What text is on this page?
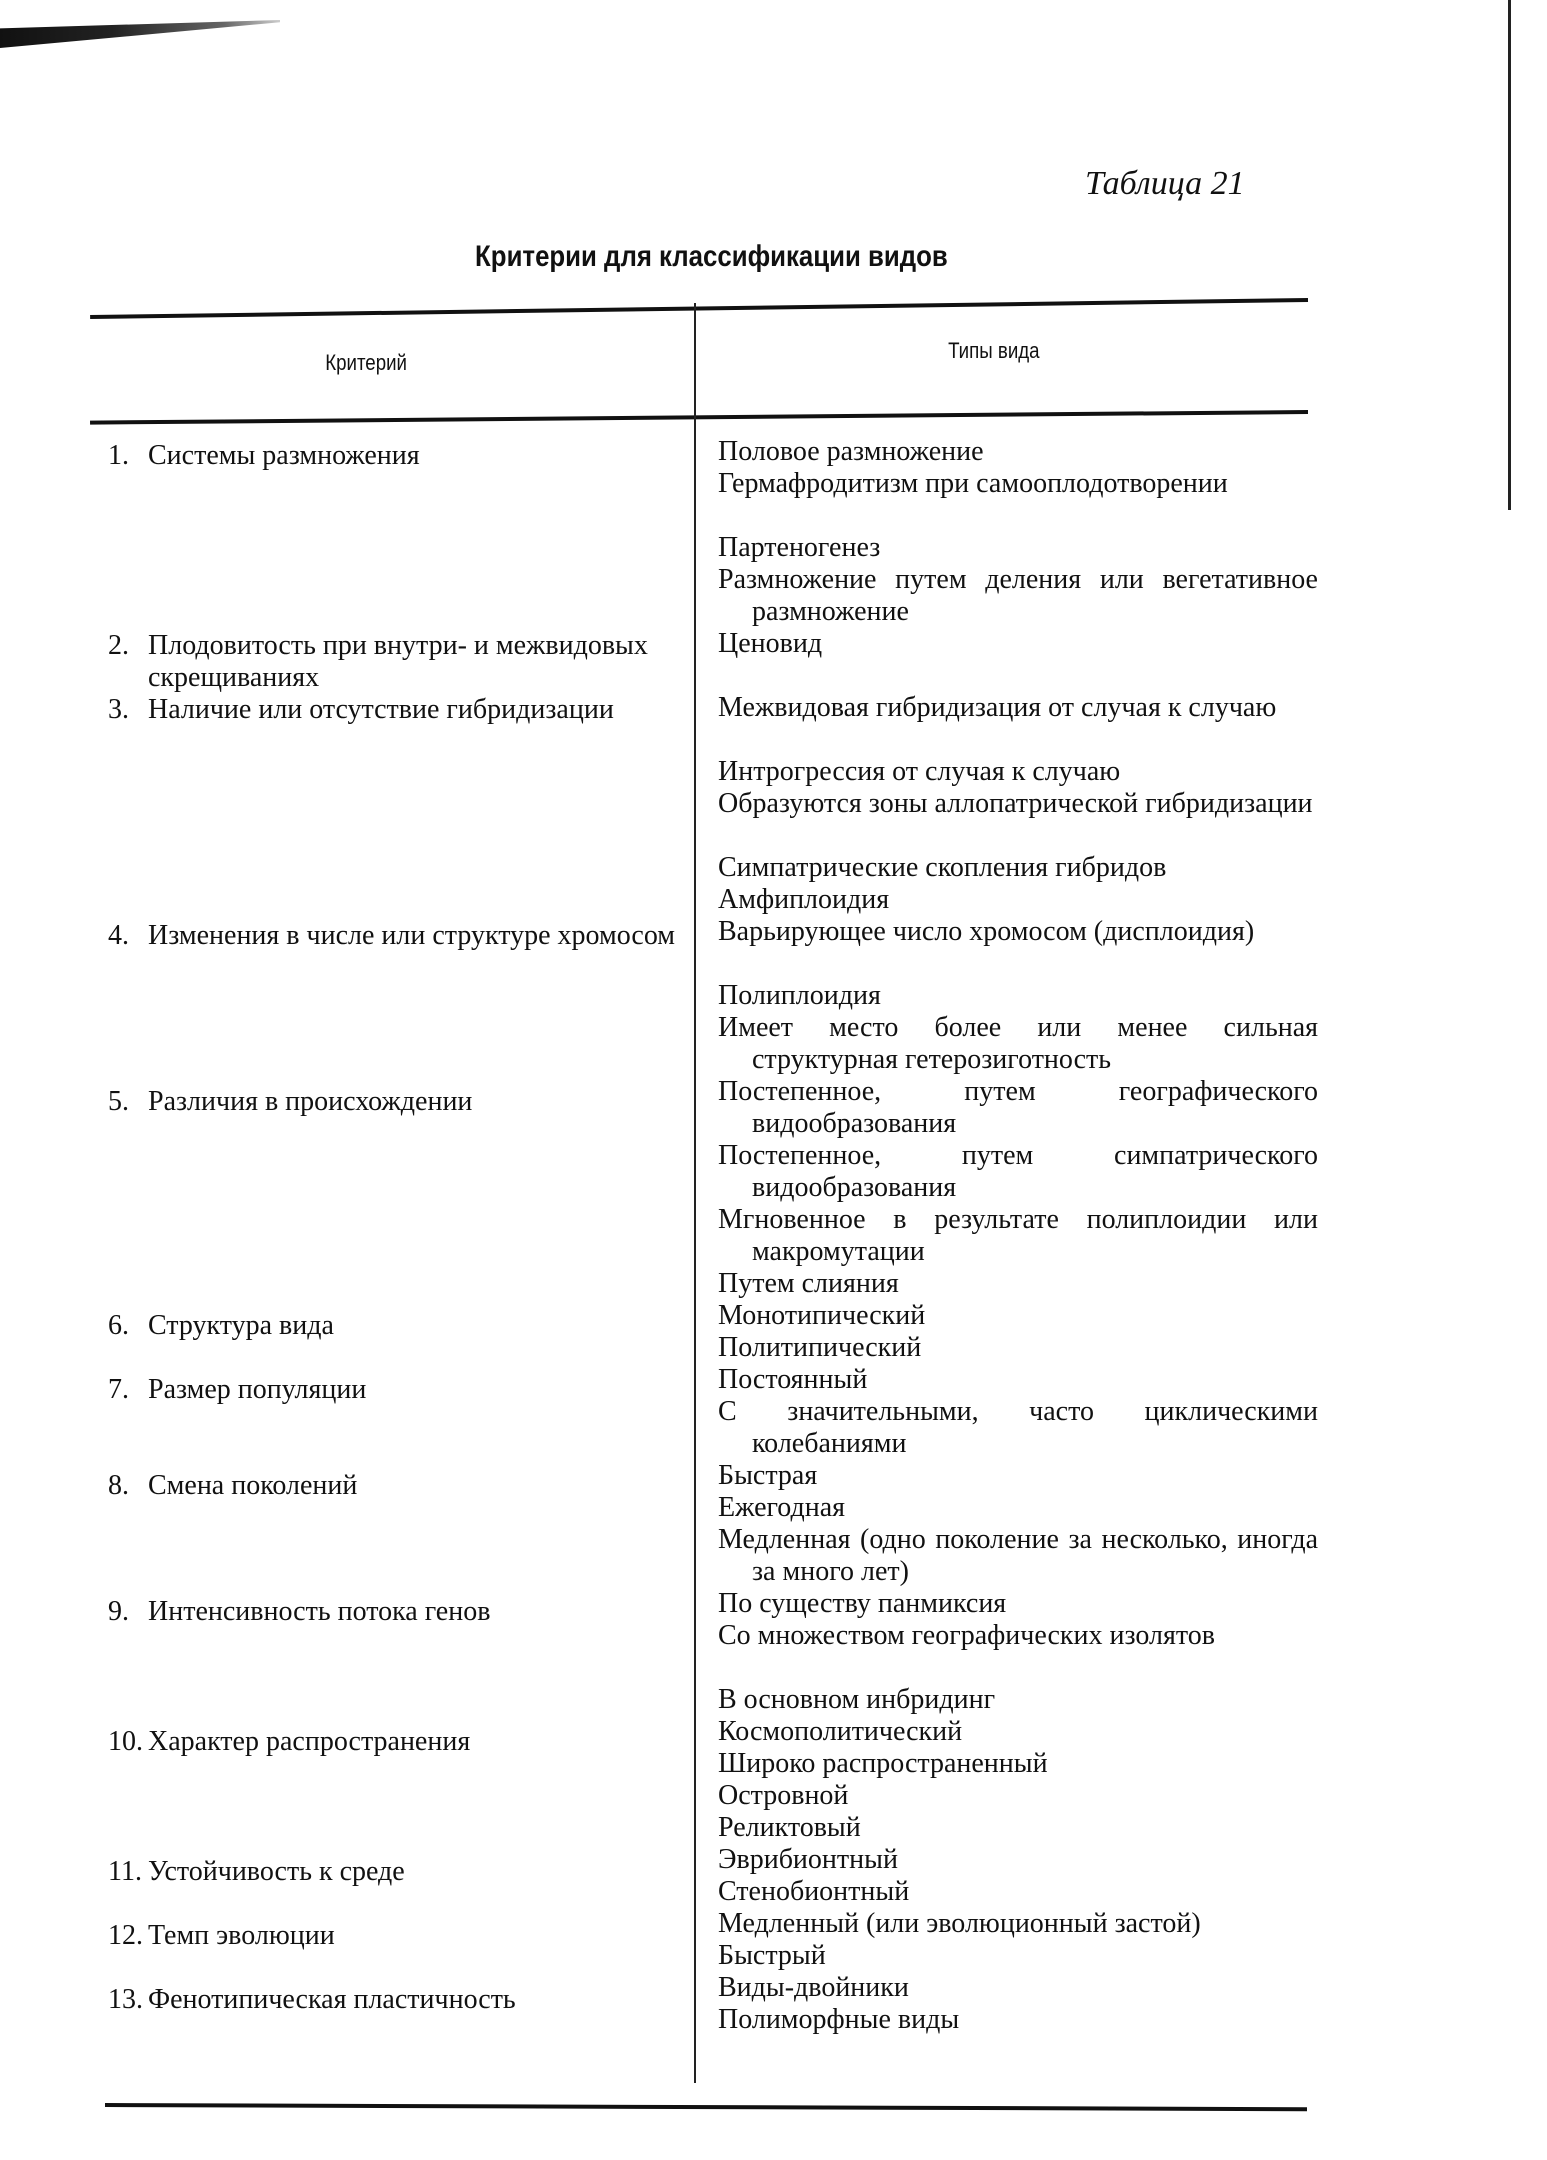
Таблица 21
Критерии для классификации видов
Критерий	Типы вида
1. Системы размножения
2. Плодовитость при внутри- и межвидовых скрещиваниях
3. Наличие или отсутствие гибридизации
4. Изменения в числе или структуре хромосом
5. Различия в происхождении
6. Структура вида
7. Размер популяции
8. Смена поколений
9. Интенсивность потока генов
10. Характер распространения
11. Устойчивость к среде
12. Темп эволюции
13. Фенотипическая пластичность
Половое размножение
Гермафродитизм при самооплодотворении
Партеногенез
Размножение путем деления или вегетативное размножение
Ценовид
Межвидовая гибридизация от случая к случаю
Интрогрессия от случая к случаю
Образуются зоны аллопатрической гибридизации
Симпатрические скопления гибридов
Амфиплоидия
Варьирующее число хромосом (дисплоидия)
Полиплоидия
Имеет место более или менее сильная структурная гетерозиготность
Постепенное, путем географического видообразования
Постепенное, путем симпатрического видообразования
Мгновенное в результате полиплоидии или макромутации
Путем слияния
Монотипический
Политипический
Постоянный
С значительными, часто циклическими колебаниями
Быстрая
Ежегодная
Медленная (одно поколение за несколько, иногда за много лет)
По существу панмиксия
Со множеством географических изолятов
В основном инбридинг
Космополитический
Широко распространенный
Островной
Реликтовый
Эврибионтный
Стенобионтный
Медленный (или эволюционный застой)
Быстрый
Виды-двойники
Полиморфные виды
